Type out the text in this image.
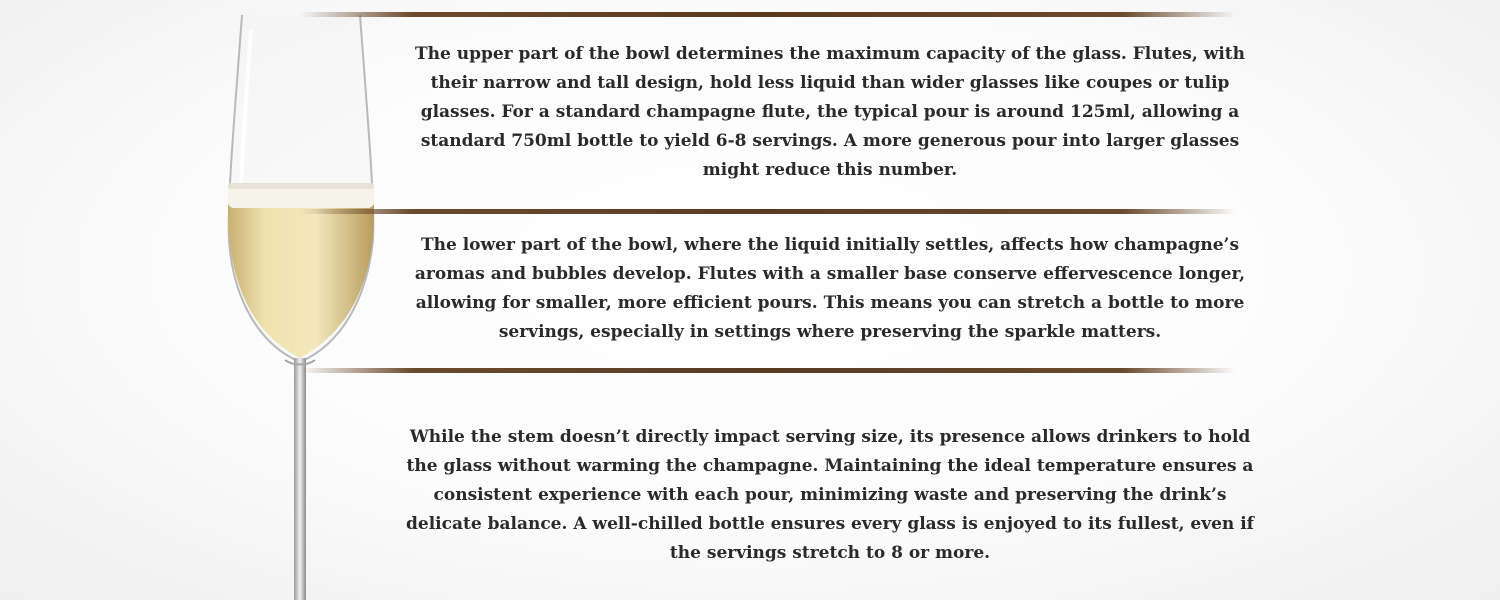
The upper part of the bowl determines the maximum capacity of the glass. Flutes, with their narrow and tall design, hold less liquid than wider glasses like coupes or tulip glasses. For a standard champagne flute, the typical pour is around 125ml, allowing a standard 750ml bottle to yield 6-8 servings. A more generous pour into larger glasses might reduce this number.

The lower part of the bowl, where the liquid initially settles, affects how champagne’s aromas and bubbles develop. Flutes with a smaller base conserve effervescence longer, allowing for smaller, more efficient pours. This means you can stretch a bottle to more servings, especially in settings where preserving the sparkle matters.

While the stem doesn’t directly impact serving size, its presence allows drinkers to hold the glass without warming the champagne. Maintaining the ideal temperature ensures a consistent experience with each pour, minimizing waste and preserving the drink’s delicate balance. A well-chilled bottle ensures every glass is enjoyed to its fullest, even if the servings stretch to 8 or more.
